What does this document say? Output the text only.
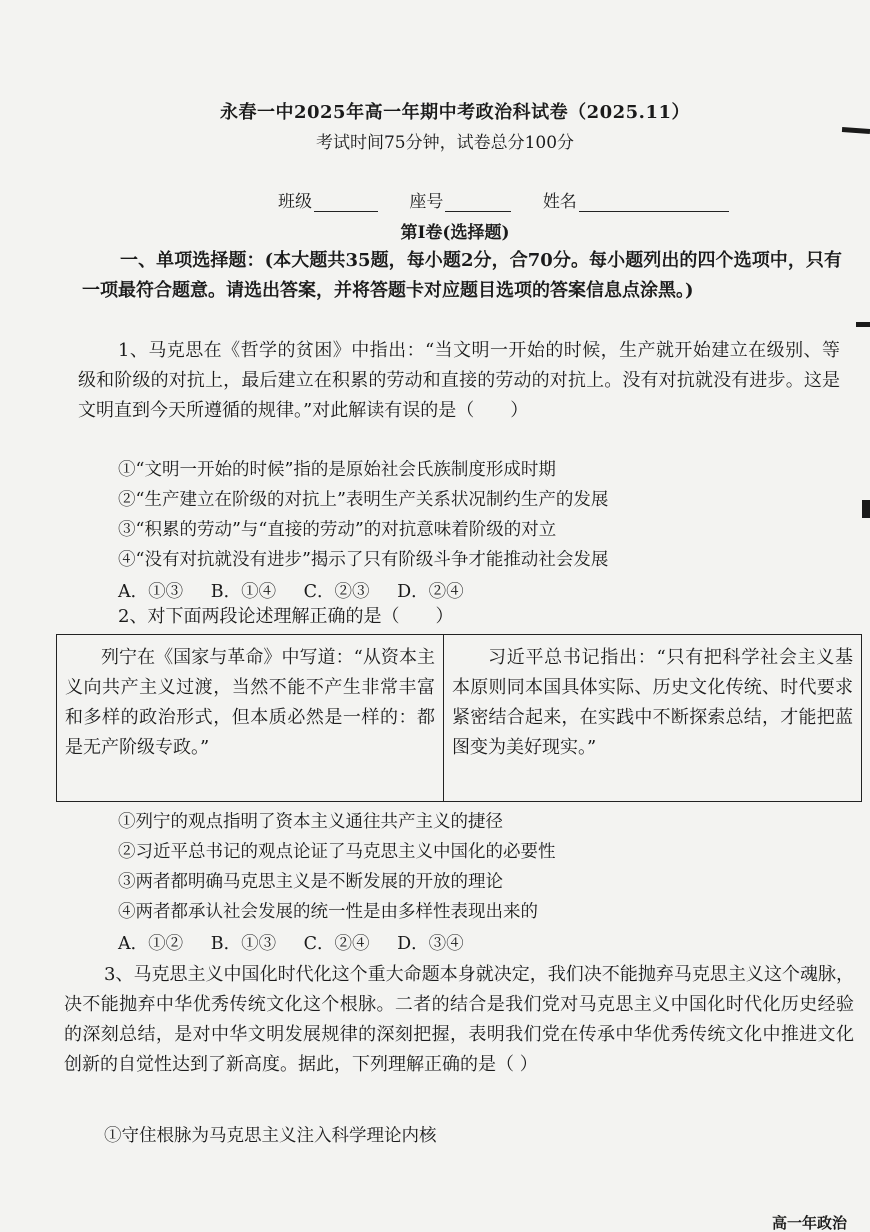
永春一中2025年高一年期中考政治科试卷（2025.11）
考试时间75分钟，试卷总分100分
班级	座号	姓名
第Ⅰ卷(选择题)
一、单项选择题：(本大题共35题，每小题2分，合70分。每小题列出的四个选项中，只有一项最符合题意。请选出答案，并将答题卡对应题目选项的答案信息点涂黑。)
1、马克思在《哲学的贫困》中指出：“当文明一开始的时候，生产就开始建立在级别、等级和阶级的对抗上，最后建立在积累的劳动和直接的劳动的对抗上。没有对抗就没有进步。这是文明直到今天所遵循的规律。”对此解读有误的是（　　）
①“文明一开始的时候”指的是原始社会氏族制度形成时期
②“生产建立在阶级的对抗上”表明生产关系状况制约生产的发展
③“积累的劳动”与“直接的劳动”的对抗意味着阶级的对立
④“没有对抗就没有进步”揭示了只有阶级斗争才能推动社会发展
A．①③ B．①④ C．②③ D．②④
2、对下面两段论述理解正确的是（　　）

列宁在《国家与革命》中写道：“从资本主义向共产主义过渡，当然不能不产生非常丰富和多样的政治形式，但本质必然是一样的：都是无产阶级专政。”

习近平总书记指出：“只有把科学社会主义基本原则同本国具体实际、历史文化传统、时代要求紧密结合起来，在实践中不断探索总结，才能把蓝图变为美好现实。”

①列宁的观点指明了资本主义通往共产主义的捷径
②习近平总书记的观点论证了马克思主义中国化的必要性
③两者都明确马克思主义是不断发展的开放的理论
④两者都承认社会发展的统一性是由多样性表现出来的
A．①② B．①③ C．②④ D．③④
3、马克思主义中国化时代化这个重大命题本身就决定，我们决不能抛弃马克思主义这个魂脉，决不能抛弃中华优秀传统文化这个根脉。二者的结合是我们党对马克思主义中国化时代化历史经验的深刻总结，是对中华文明发展规律的深刻把握，表明我们党在传承中华优秀传统文化中推进文化创新的自觉性达到了新高度。据此，下列理解正确的是（ ）
①守住根脉为马克思主义注入科学理论内核
高一年政治
